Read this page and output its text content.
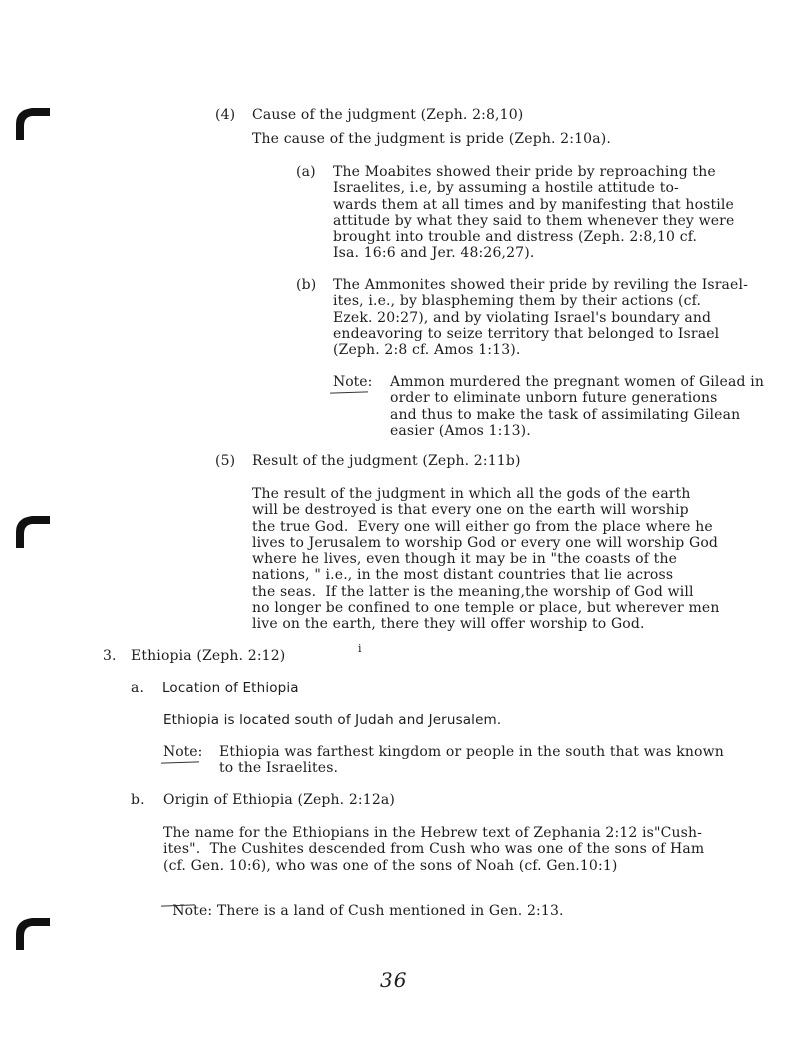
(4) Cause of the judgment (Zeph. 2:8,10)
The cause of the judgment is pride (Zeph. 2:10a).
(a) The Moabites showed their pride by reproaching the
Israelites, i.e, by assuming a hostile attitude to-
wards them at all times and by manifesting that hostile
attitude by what they said to them whenever they were
brought into trouble and distress (Zeph. 2:8,10 cf.
Isa. 16:6 and Jer. 48:26,27).
(b) The Ammonites showed their pride by reviling the Israel-
ites, i.e., by blaspheming them by their actions (cf.
Ezek. 20:27), and by violating Israel's boundary and
endeavoring to seize territory that belonged to Israel
(Zeph. 2:8 cf. Amos 1:13).
Note: Ammon murdered the pregnant women of Gilead in
order to eliminate unborn future generations
and thus to make the task of assimilating Gilean
easier (Amos 1:13).
(5) Result of the judgment (Zeph. 2:11b)
The result of the judgment in which all the gods of the earth
will be destroyed is that every one on the earth will worship
the true God.  Every one will either go from the place where he
lives to Jerusalem to worship God or every one will worship God
where he lives, even though it may be in "the coasts of the
nations, " i.e., in the most distant countries that lie across
the seas.  If the latter is the meaning,the worship of God will
no longer be confined to one temple or place, but wherever men
live on the earth, there they will offer worship to God.
i
3. Ethiopia (Zeph. 2:12)
a. Location of Ethiopia
Ethiopia is located south of Judah and Jerusalem.
Note: Ethiopia was farthest kingdom or people in the south that was known
to the Israelites.
b. Origin of Ethiopia (Zeph. 2:12a)
The name for the Ethiopians in the Hebrew text of Zephania 2:12 is"Cush-
ites".  The Cushites descended from Cush who was one of the sons of Ham
(cf. Gen. 10:6), who was one of the sons of Noah (cf. Gen.10:1)

Note: There is a land of Cush mentioned in Gen. 2:13.

36
